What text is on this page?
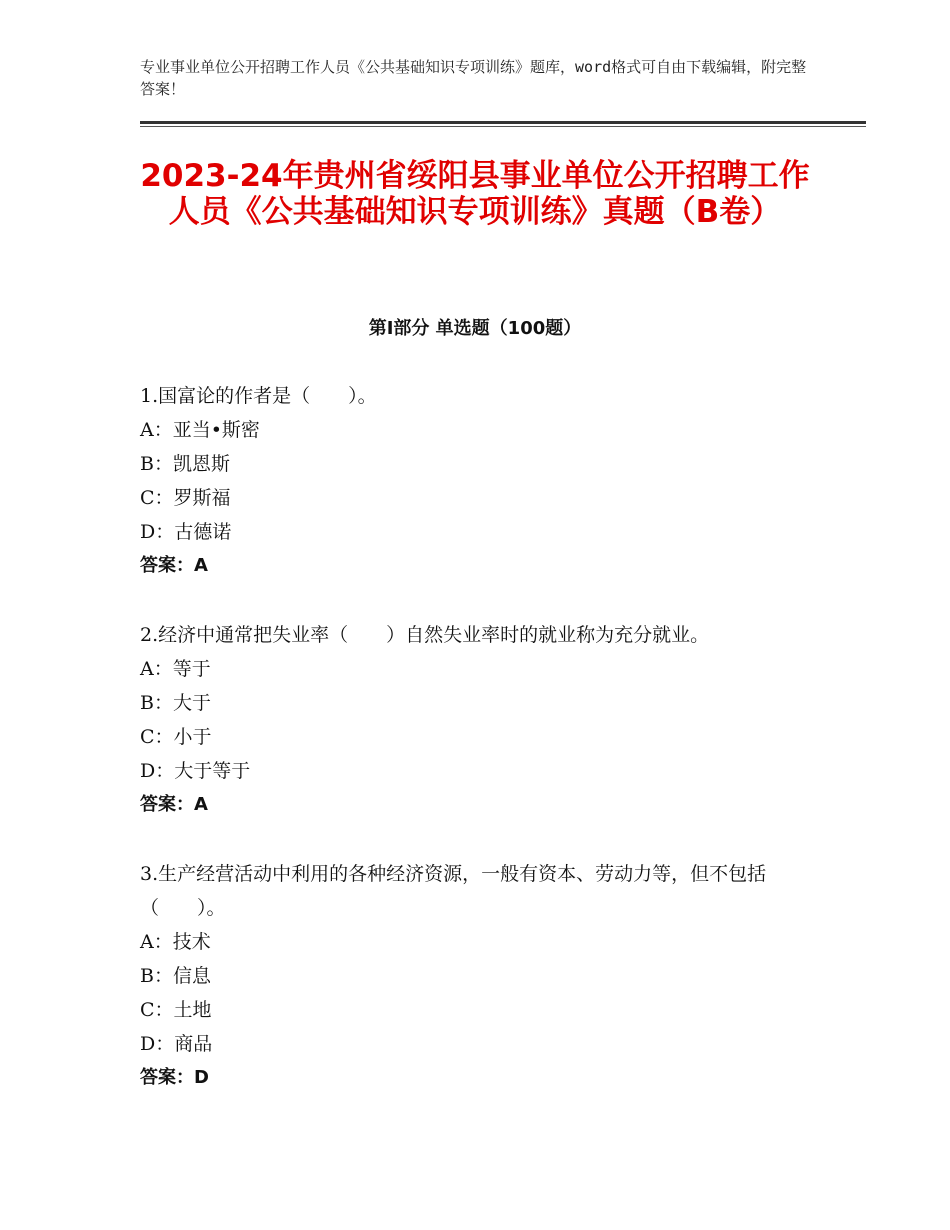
专业事业单位公开招聘工作人员《公共基础知识专项训练》题库，word格式可自由下载编辑，附完整答案！
2023-24年贵州省绥阳县事业单位公开招聘工作人员《公共基础知识专项训练》真题（B卷）
第Ⅰ部分 单选题（100题）
1.国富论的作者是（　　）。
A：亚当•斯密
B：凯恩斯
C：罗斯福
D：古德诺
答案：A
2.经济中通常把失业率（　　）自然失业率时的就业称为充分就业。
A：等于
B：大于
C：小于
D：大于等于
答案：A
3.生产经营活动中利用的各种经济资源，一般有资本、劳动力等，但不包括（　　）。
A：技术
B：信息
C：土地
D：商品
答案：D
